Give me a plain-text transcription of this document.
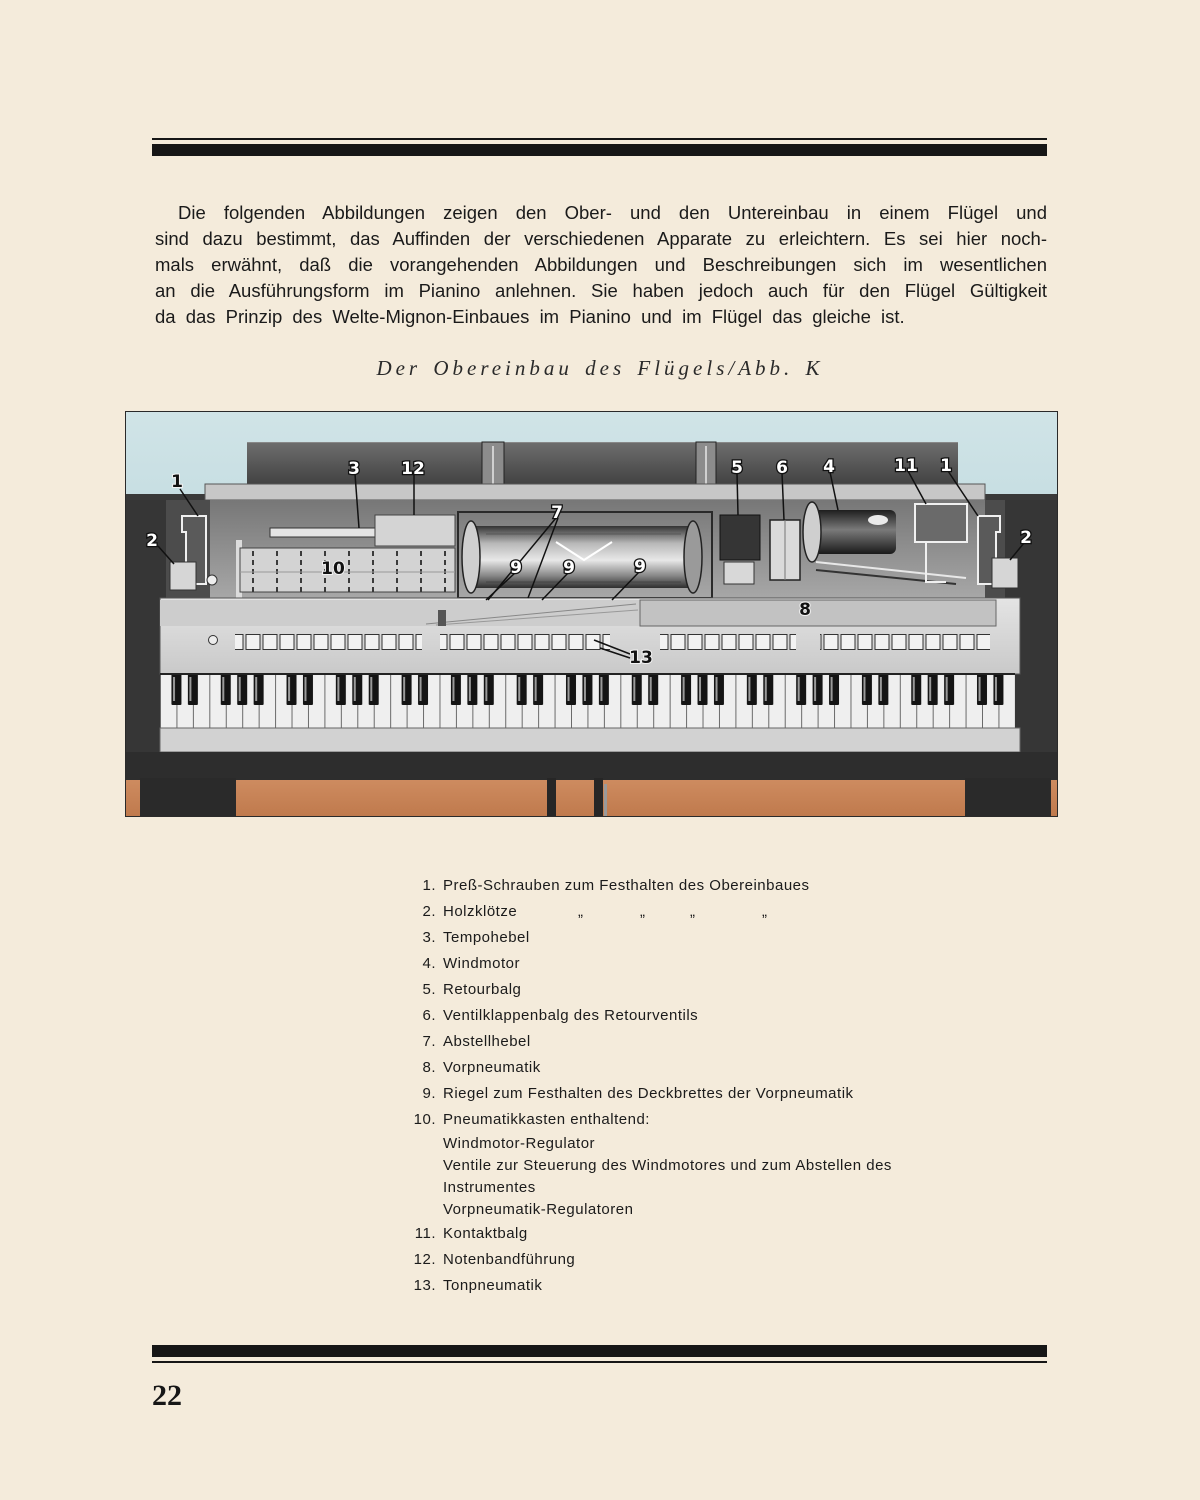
Die folgenden Abbildungen zeigen den Ober- und den Untereinbau in einem Flügel und
sind dazu bestimmt, das Auffinden der verschiedenen Apparate zu erleichtern. Es sei hier noch-
mals erwähnt, daß die vorangehenden Abbildungen und Beschreibungen sich im wesentlichen
an die Ausführungsform im Pianino anlehnen. Sie haben jedoch auch für den Flügel Gültigkeit
da das Prinzip des Welte-Mignon-Einbaues im Pianino und im Flügel das gleiche ist.
Der Obereinbau des Flügels/Abb. K
1
2
3 12	5 6 4	11 1
2
7
10	9 9	9
8
13
1. Preß-Schrauben zum Festhalten des Obereinbaues
2. Holzklötze	„	„	„	„
3. Tempohebel
4. Windmotor
5. Retourbalg
6. Ventilklappenbalg des Retourventils
7. Abstellhebel
8. Vorpneumatik
9. Riegel zum Festhalten des Deckbrettes der Vorpneumatik
10. Pneumatikkasten enthaltend:
Windmotor-Regulator
Ventile zur Steuerung des Windmotores und zum Abstellen des
Instrumentes
Vorpneumatik-Regulatoren
11. Kontaktbalg
12. Notenbandführung
13. Tonpneumatik
22
